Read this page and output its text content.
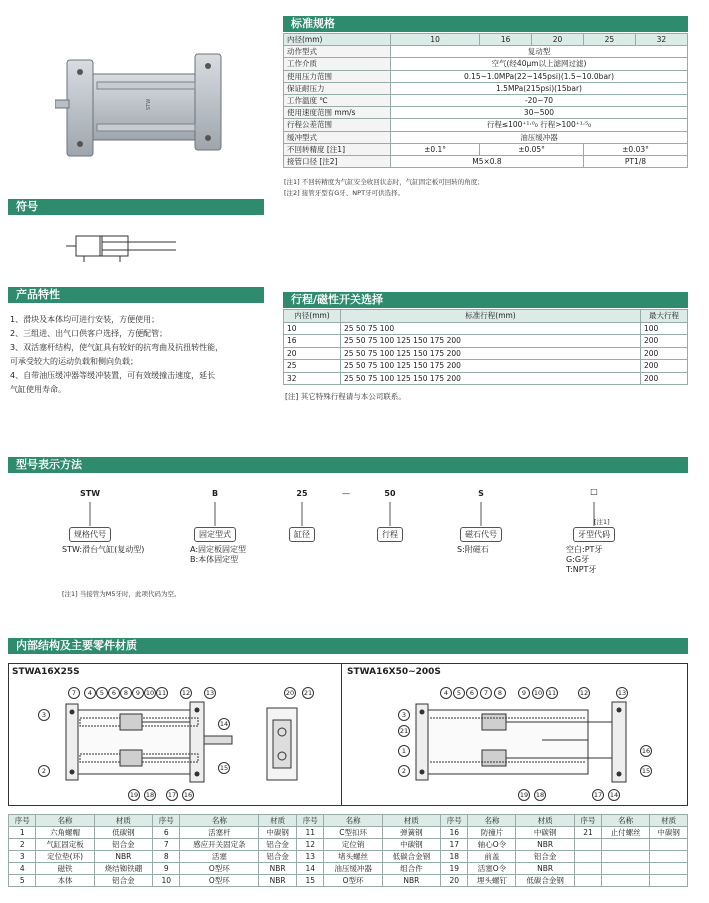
STW
标准规格
内径(mm)	10	16	20	25	32
动作型式	复动型				
工作介质	空气(经40μm以上滤网过滤)				
使用压力范围	0.15~1.0MPa(22~145psi)(1.5~10.0bar)				
保证耐压力	1.5MPa(215psi)(15bar)				
工作温度 ℃	-20~70				
使用速度范围 mm/s	30~500				
行程公差范围	行程≤100⁺¹·⁰₀ 行程>100⁺¹·⁵₀				
缓冲型式	油压缓冲器				
不回转精度 [注1]	±0.1°	±0.05°		±0.03°	
接管口径 [注2]	M5×0.8			PT1/8	
[注1] 不回转精度为气缸安全收回状态时，气缸固定板可回转的角度；
[注2] 接管牙型有G牙、NPT牙可供选择。
符号
产品特性
1、滑块及本体均可进行安装，方便使用；
2、三组进、出气口供客户选择，方便配管；
3、双活塞杆结构，使气缸具有较好的抗弯曲及抗扭转性能，
可承受较大的运动负载和侧向负载；
4、自带油压缓冲器等缓冲装置，可有效缓撞击速度，延长
气缸使用寿命。
行程/磁性开关选择
内径(mm)	标准行程(mm)	最大行程
10	25 50 75 100	100
16	25 50 75 100 125 150 175 200	200
20	25 50 75 100 125 150 175 200	200
25	25 50 75 100 125 150 175 200	200
32	25 50 75 100 125 150 175 200	200
[注] 其它特殊行程请与本公司联系。
型号表示方法
STW	B	25	—	50	S	□
[注1]
规格代号	固定型式	缸径	行程	磁石代号	牙型代码
STW:滑台气缸(复动型)	A:固定板固定型
B:本体固定型
S:附磁石	空白:PT牙
G:G牙
T:NPT牙
[注1] 当接管为M5牙时，此项代码为空。
内部结构及主要零件材质
STWA16X25S	STWA16X50~200S
7	4	5	6	8	9 10 11 12 13
3
14
2	15
19 18 17 16
20 21	4	5	6	7	8	9	10 11	12	13
3
21
1
2
16
19 18	17 14
15
序号	名称	材质	序号	名称	材质	序号	名称	材质	序号	名称	材质	序号	名称	材质
1	六角螺帽	低碳钢	6	活塞杆	中碳钢	11	C型扣环	弹簧钢	16	防撞片	中碳钢	21	止付螺丝	中碳钢
2	气缸固定板	铝合金	7	感应开关固定条	铝合金	12	定位销	中碳钢	17	轴心O令	NBR			
3	定位垫(环)	NBR	8	活塞	铝合金	13	堵头螺丝	低碳合金钢	18	前盖	铝合金			
4	磁铁	烧结铷铁硼	9	O型环	NBR	14	油压缓冲器	组合件	19	活塞O令	NBR			
5	本体	铝合金	10	O型环	NBR	15	O型环	NBR	20	埋头螺钉	低碳合金钢			
